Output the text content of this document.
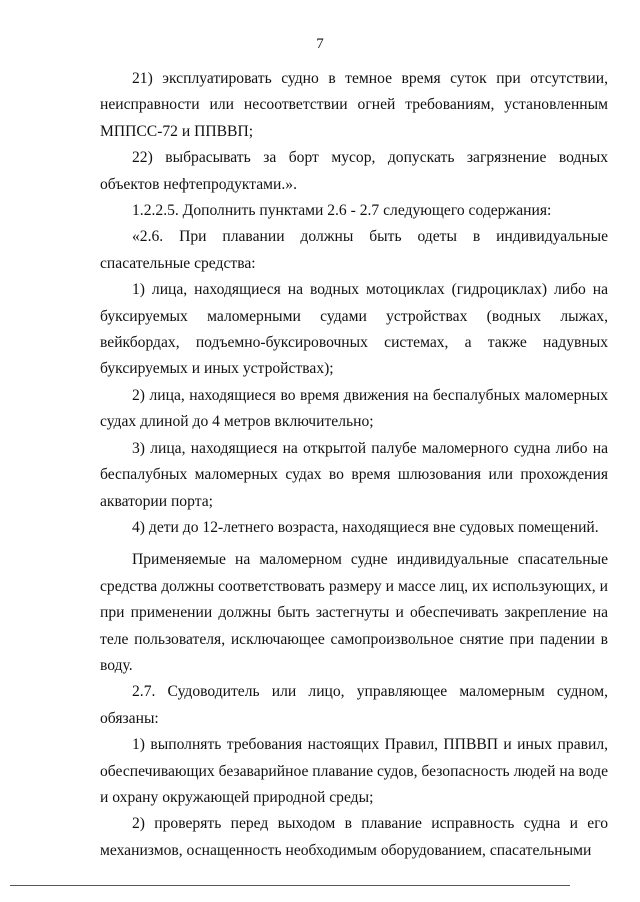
7

21) эксплуатировать судно в темное время суток при отсутствии, неисправности или несоответствии огней требованиям, установленным МППСС-72 и ППВВП;

22) выбрасывать за борт мусор, допускать загрязнение водных объектов нефтепродуктами.».

1.2.2.5. Дополнить пунктами 2.6 - 2.7 следующего содержания:

«2.6. При плавании должны быть одеты в индивидуальные спасательные средства:

1) лица, находящиеся на водных мотоциклах (гидроциклах) либо на буксируемых маломерными судами устройствах (водных лыжах, вейкбордах, подъемно-буксировочных системах, а также надувных буксируемых и иных устройствах);

2) лица, находящиеся во время движения на беспалубных маломерных судах длиной до 4 метров включительно;

3) лица, находящиеся на открытой палубе маломерного судна либо на беспалубных маломерных судах во время шлюзования или прохождения акватории порта;

4) дети до 12-летнего возраста, находящиеся вне судовых помещений.

Применяемые на маломерном судне индивидуальные спасательные средства должны соответствовать размеру и массе лиц, их использующих, и при применении должны быть застегнуты и обеспечивать закрепление на теле пользователя, исключающее самопроизвольное снятие при падении в воду.

2.7. Судоводитель или лицо, управляющее маломерным судном, обязаны:

1) выполнять требования настоящих Правил, ППВВП и иных правил, обеспечивающих безаварийное плавание судов, безопасность людей на воде и охрану окружающей природной среды;

2) проверять перед выходом в плавание исправность судна и его механизмов, оснащенность необходимым оборудованием, спасательными
